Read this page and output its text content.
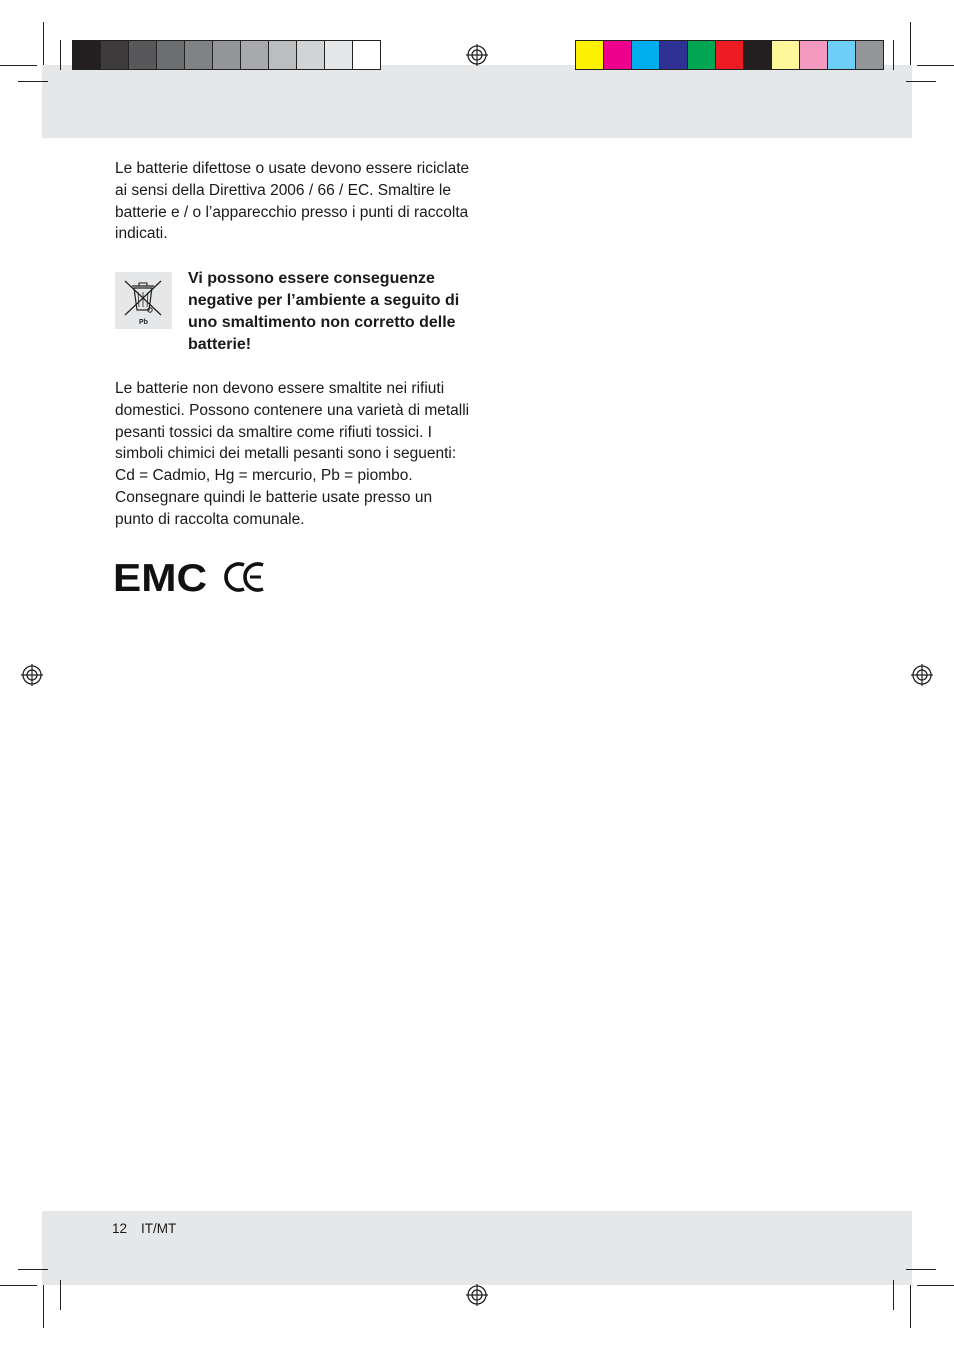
Le batterie difettose o usate devono essere riciclate ai sensi della Direttiva 2006 / 66 / EC. Smaltire le batterie e / o l’apparecchio presso i punti di raccolta indicati.
Pb
Vi possono essere conseguenze negative per l’ambiente a seguito di uno smaltimento non corretto delle batterie!
Le batterie non devono essere smaltite nei rifiuti domestici. Possono contenere una varietà di metalli pesanti tossici da smaltire come rifiuti tossici. I simboli chimici dei metalli pesanti sono i seguenti: Cd = Cadmio, Hg = mercurio, Pb = piombo. Consegnare quindi le batterie usate presso un punto di raccolta comunale.
EMC
12 IT/MT
